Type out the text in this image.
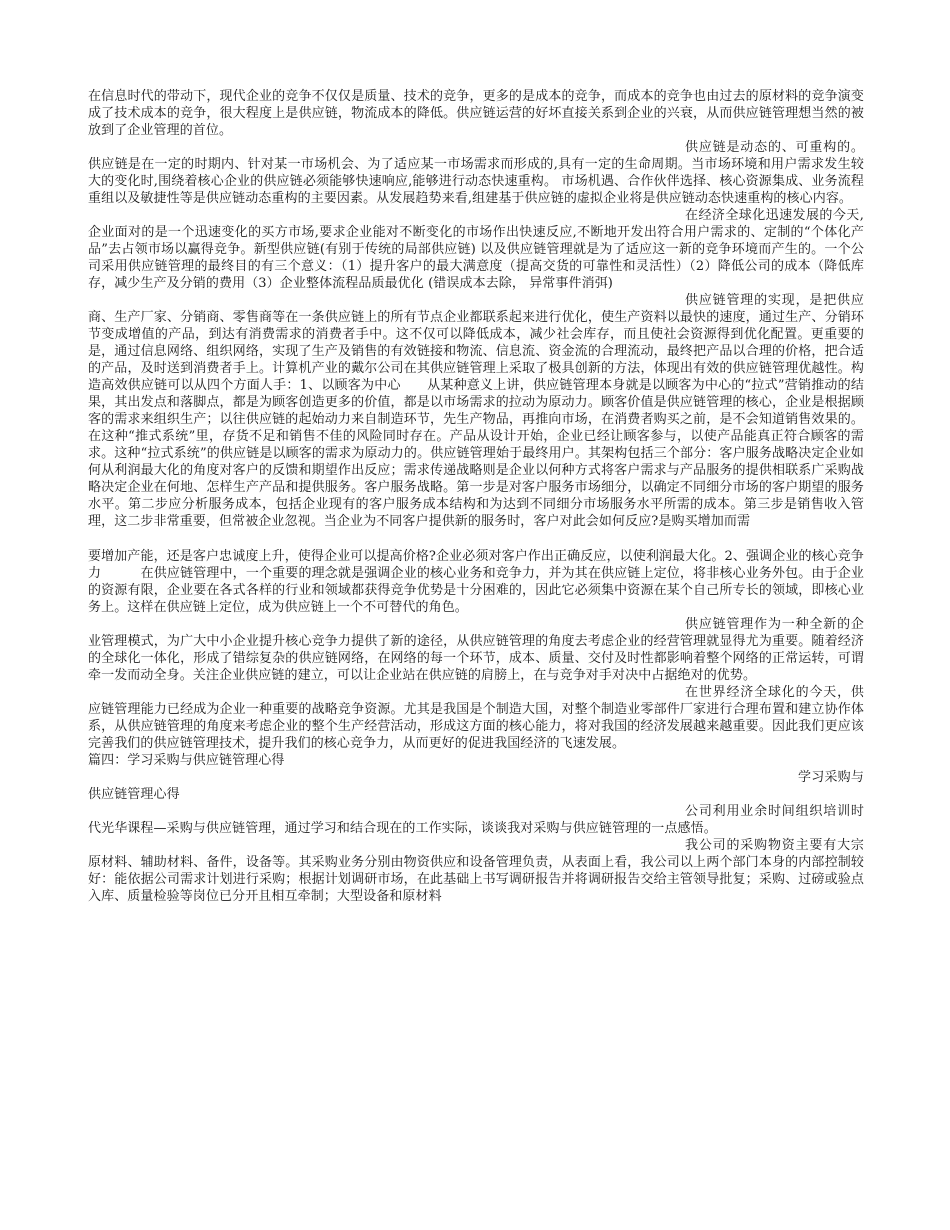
在信息时代的带动下，现代企业的竞争不仅仅是质量、技术的竞争，更多的是成本的竞争，而成本的竞争也由过去的原材料的竞争演变成了技术成本的竞争，很大程度上是供应链，物流成本的降低。供应链运营的好坏直接关系到企业的兴衰，从而供应链管理想当然的被放到了企业管理的首位。

供应链是动态的、可重构的。供应链是在一定的时期内、针对某一市场机会、为了适应某一市场需求而形成的,具有一定的生命周期。当市场环境和用户需求发生较大的变化时,围绕着核心企业的供应链必须能够快速响应,能够进行动态快速重构。 市场机遇、合作伙伴选择、核心资源集成、业务流程重组以及敏捷性等是供应链动态重构的主要因素。从发展趋势来看,组建基于供应链的虚拟企业将是供应链动态快速重构的核心内容。

在经济全球化迅速发展的今天,企业面对的是一个迅速变化的买方市场,要求企业能对不断变化的市场作出快速反应,不断地开发出符合用户需求的、定制的“个体化产品”去占领市场以赢得竞争。新型供应链(有别于传统的局部供应链) 以及供应链管理就是为了适应这一新的竞争环境而产生的。一个公司采用供应链管理的最终目的有三个意义：（1）提升客户的最大满意度（提高交货的可靠性和灵活性）（2）降低公司的成本（降低库存，减少生产及分销的费用（3）企业整体流程品质最优化 (错误成本去除， 异常事件消弭)

供应链管理的实现，是把供应商、生产厂家、分销商、零售商等在一条供应链上的所有节点企业都联系起来进行优化，使生产资料以最快的速度，通过生产、分销环节变成增值的产品，到达有消费需求的消费者手中。这不仅可以降低成本，减少社会库存，而且使社会资源得到优化配置。更重要的是，通过信息网络、组织网络，实现了生产及销售的有效链接和物流、信息流、资金流的合理流动，最终把产品以合理的价格，把合适的产品，及时送到消费者手上。计算机产业的戴尔公司在其供应链管理上采取了极具创新的方法，体现出有效的供应链管理优越性。构造高效供应链可以从四个方面人手：1、以顾客为中心　　从某种意义上讲，供应链管理本身就是以顾客为中心的“拉式”营销推动的结果，其出发点和落脚点，都是为顾客创造更多的价值，都是以市场需求的拉动为原动力。顾客价值是供应链管理的核心，企业是根据顾客的需求来组织生产；以往供应链的起始动力来自制造环节，先生产物品，再推向市场，在消费者购买之前，是不会知道销售效果的。在这种“推式系统”里，存货不足和销售不佳的风险同时存在。产品从设计开始，企业已经让顾客参与，以使产品能真正符合顾客的需求。这种“拉式系统”的供应链是以顾客的需求为原动力的。供应链管理始于最终用户。其架构包括三个部分：客户服务战略决定企业如何从利润最大化的角度对客户的反馈和期望作出反应；需求传递战略则是企业以何种方式将客户需求与产品服务的提供相联系广采购战略决定企业在何地、怎样生产产品和提供服务。客户服务战略。第一步是对客户服务市场细分，以确定不同细分市场的客户期望的服务水平。第二步应分析服务成本，包括企业现有的客户服务成本结构和为达到不同细分市场服务水平所需的成本。第三步是销售收入管理，这二步非常重要，但常被企业忽视。当企业为不同客户提供新的服务时，客户对此会如何反应?是购买增加而需

要增加产能，还是客户忠诚度上升，使得企业可以提高价格?企业必须对客户作出正确反应，以使利润最大化。2、强调企业的核心竞争力　　　在供应链管理中，一个重要的理念就是强调企业的核心业务和竞争力，并为其在供应链上定位，将非核心业务外包。由于企业的资源有限，企业要在各式各样的行业和领域都获得竞争优势是十分困难的，因此它必须集中资源在某个自己所专长的领域，即核心业务上。这样在供应链上定位，成为供应链上一个不可替代的角色。

供应链管理作为一种全新的企业管理模式，为广大中小企业提升核心竞争力提供了新的途径，从供应链管理的角度去考虑企业的经营管理就显得尤为重要。随着经济的全球化一体化，形成了错综复杂的供应链网络，在网络的每一个环节，成本、质量、交付及时性都影响着整个网络的正常运转，可谓牵一发而动全身。关注企业供应链的建立，可以让企业站在供应链的肩膀上，在与竞争对手对决中占据绝对的优势。

在世界经济全球化的今天，供应链管理能力已经成为企业一种重要的战略竞争资源。尤其是我国是个制造大国，对整个制造业零部件厂家进行合理布置和建立协作体系，从供应链管理的角度来考虑企业的整个生产经营活动，形成这方面的核心能力，将对我国的经济发展越来越重要。因此我们更应该完善我们的供应链管理技术，提升我们的核心竞争力，从而更好的促进我国经济的飞速发展。

篇四：学习采购与供应链管理心得

学习采购与供应链管理心得

公司利用业余时间组织培训时代光华课程—采购与供应链管理，通过学习和结合现在的工作实际，谈谈我对采购与供应链管理的一点感悟。

我公司的采购物资主要有大宗原材料、辅助材料、备件，设备等。其采购业务分别由物资供应和设备管理负责，从表面上看，我公司以上两个部门本身的内部控制较好：能依据公司需求计划进行采购；根据计划调研市场，在此基础上书写调研报告并将调研报告交给主管领导批复；采购、过磅或验点入库、质量检验等岗位已分开且相互牵制；大型设备和原材料
